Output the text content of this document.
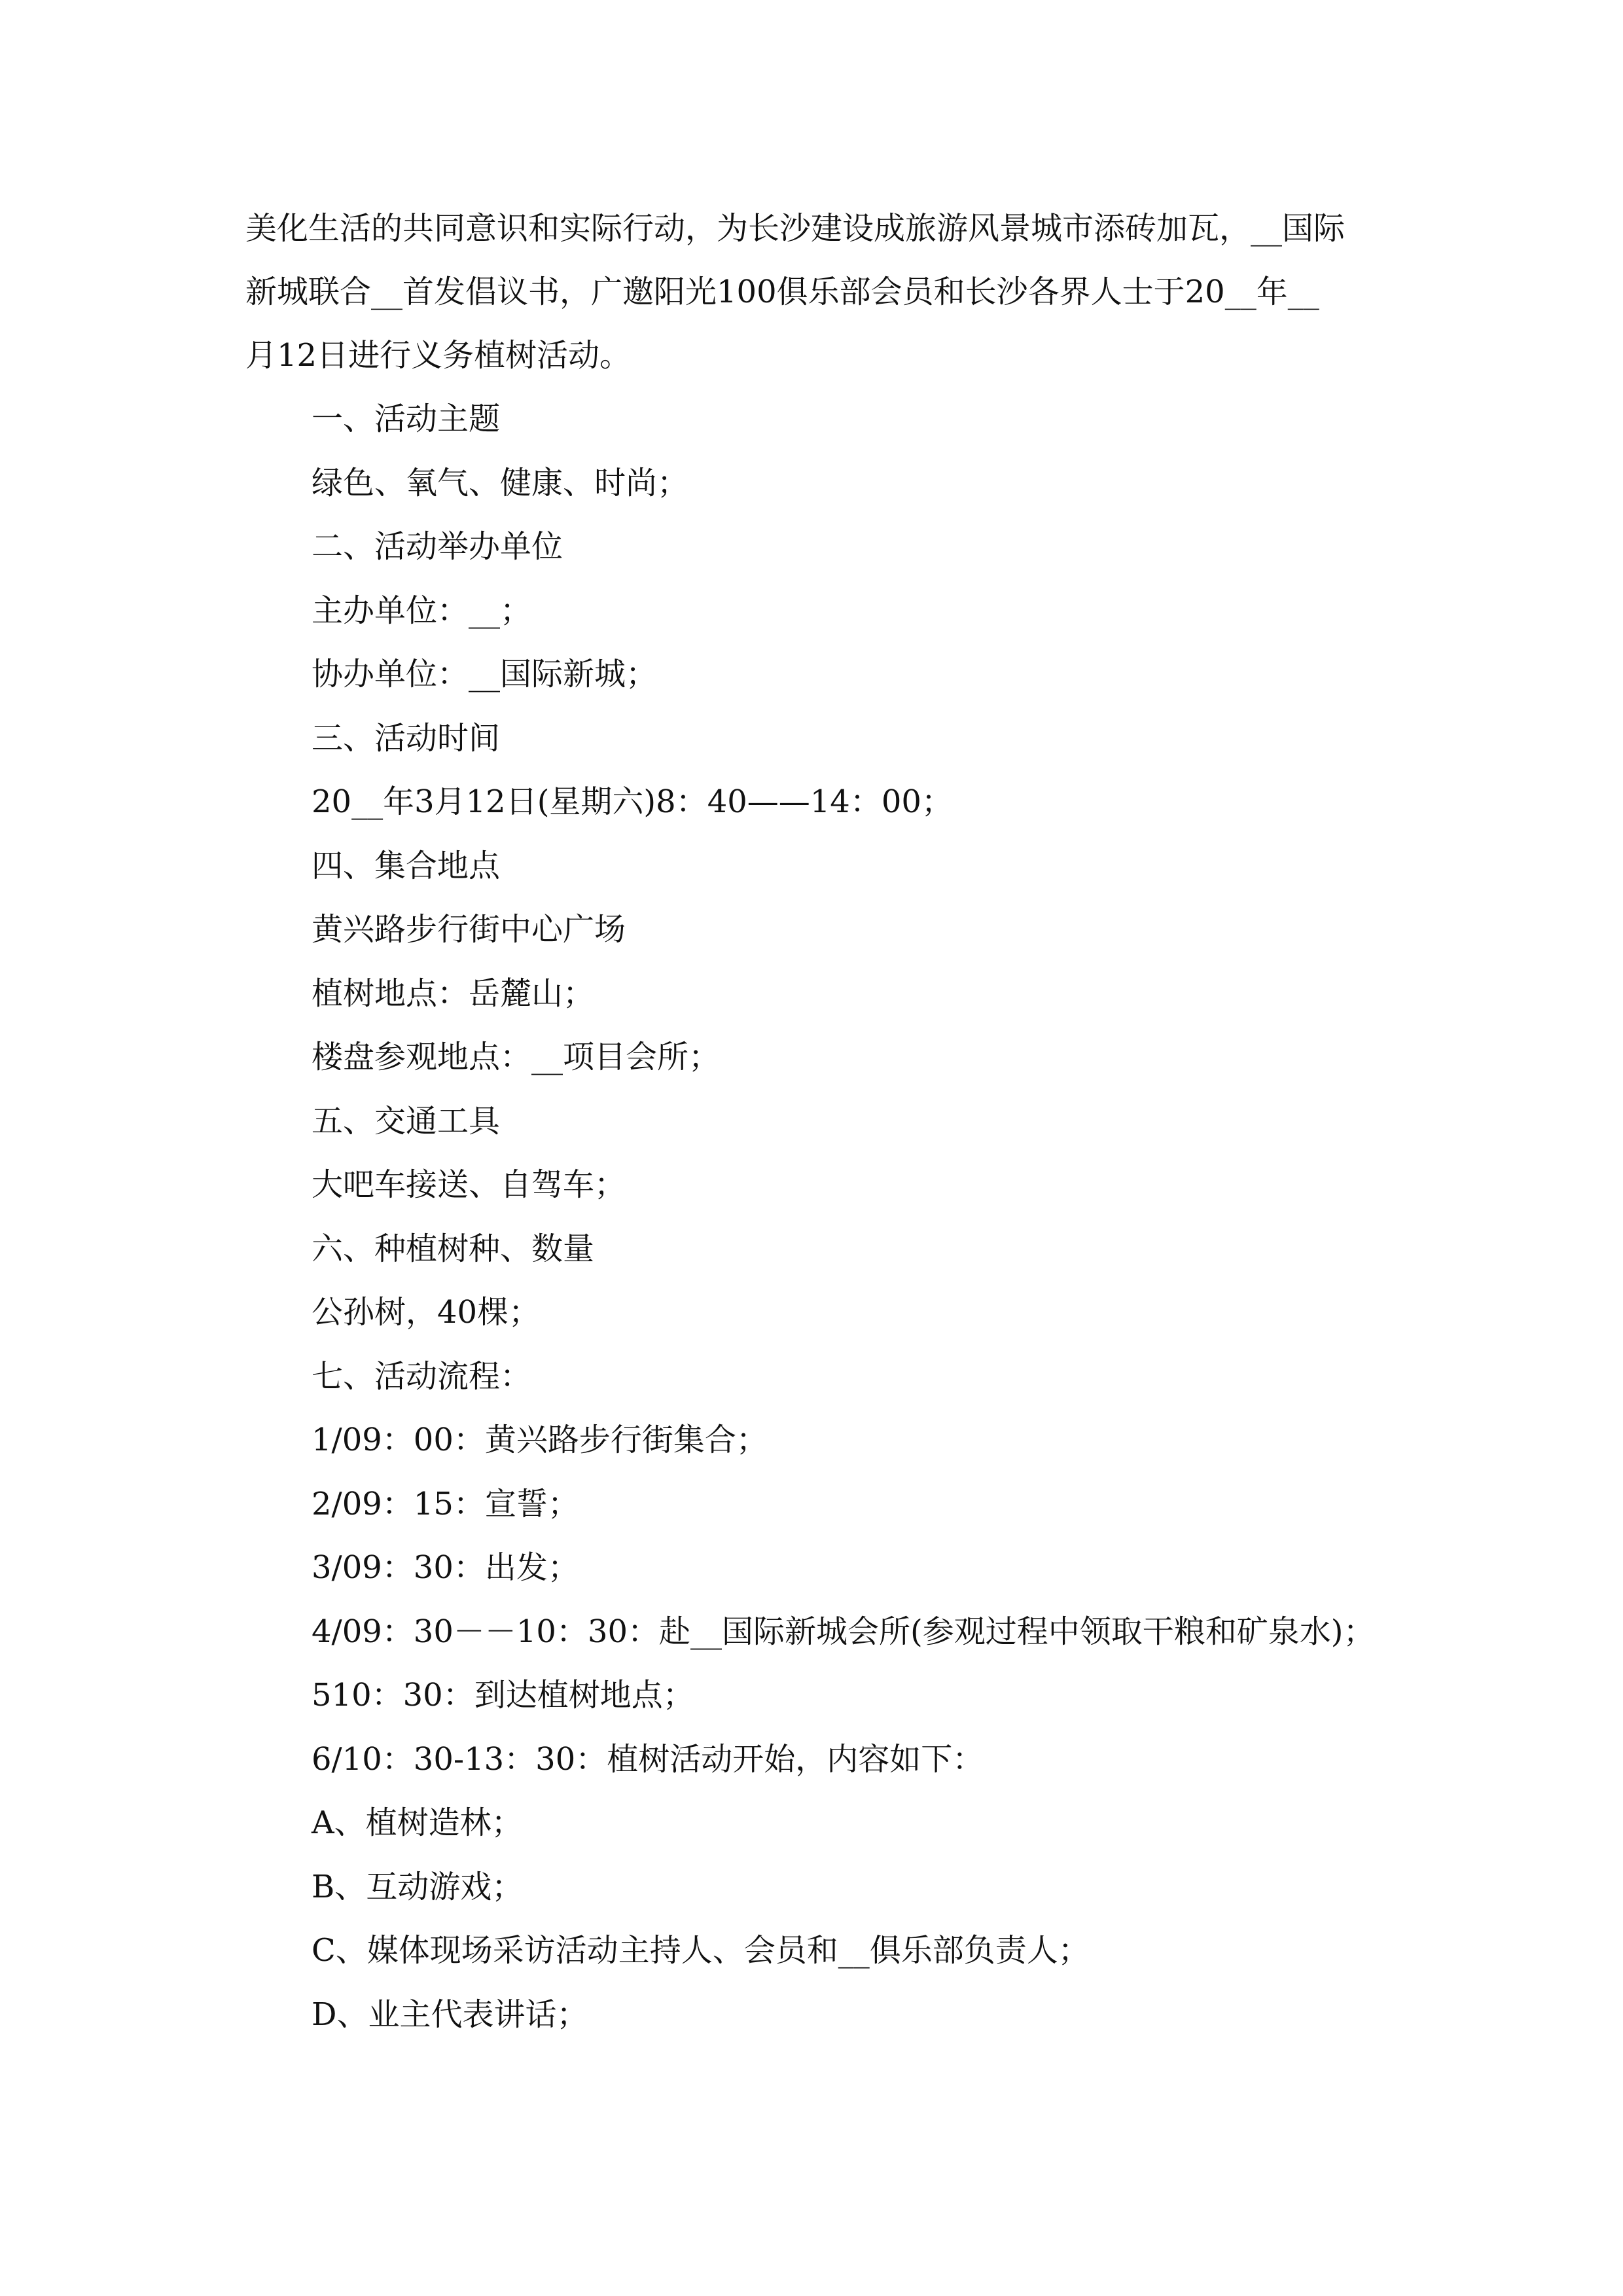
美化生活的共同意识和实际行动，为长沙建设成旅游风景城市添砖加瓦，__国际
新城联合__首发倡议书，广邀阳光100俱乐部会员和长沙各界人士于20__年__
月12日进行义务植树活动。

一、活动主题
绿色、氧气、健康、时尚；
二、活动举办单位
主办单位：__；
协办单位：__国际新城；
三、活动时间
20__年3月12日(星期六)8：40——14：00；
四、集合地点
黄兴路步行街中心广场
植树地点：岳麓山；
楼盘参观地点：__项目会所；
五、交通工具
大吧车接送、自驾车；
六、种植树种、数量
公孙树，40棵；
七、活动流程：
1/09：00：黄兴路步行街集合；
2/09：15：宣誓；
3/09：30：出发；
4/09：30－－10：30：赴__国际新城会所(参观过程中领取干粮和矿泉水)；
510：30：到达植树地点；
6/10：30-13：30：植树活动开始，内容如下：
A、植树造林；
B、互动游戏；
C、媒体现场采访活动主持人、会员和__俱乐部负责人；
D、业主代表讲话；
